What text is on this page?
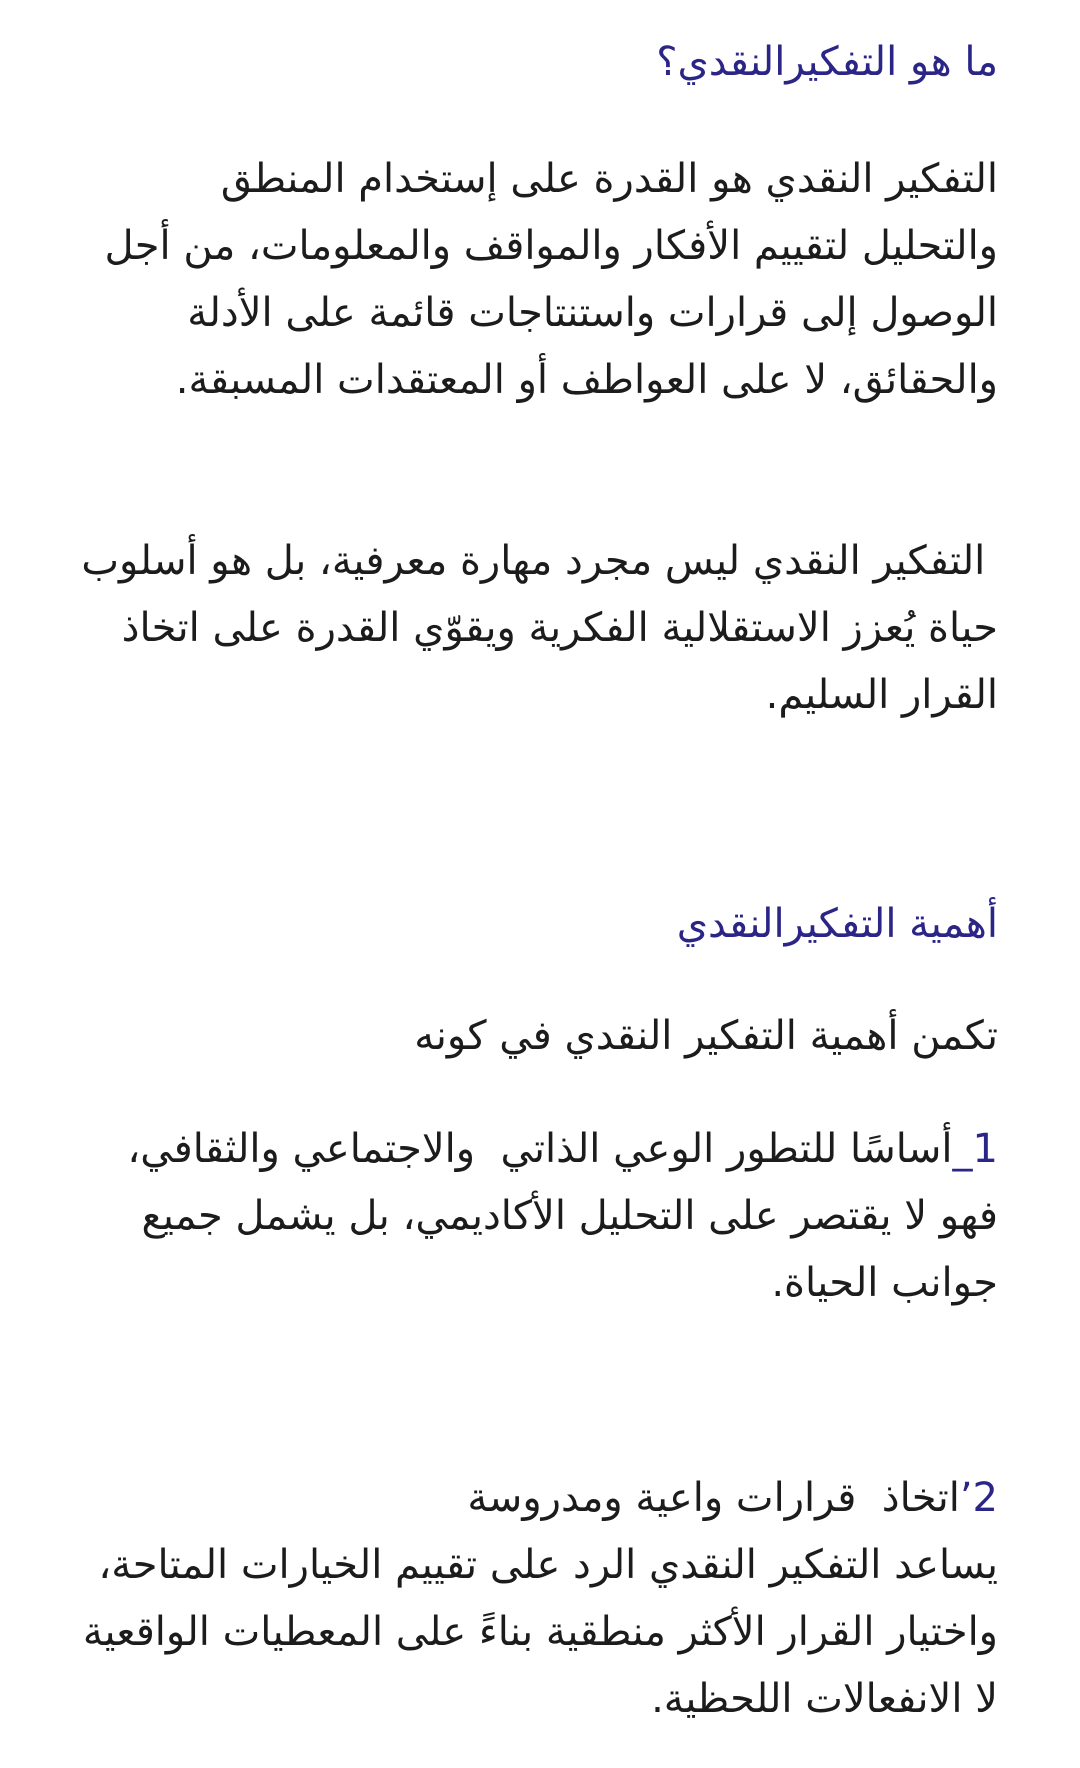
ما هو التفكيرالنقدي؟

التفكير النقدي هو القدرة على إستخدام المنطق والتحليل لتقييم الأفكار والمواقف والمعلومات، من أجل الوصول إلى قرارات واستنتاجات قائمة على الأدلة والحقائق، لا على العواطف أو المعتقدات المسبقة.

التفكير النقدي ليس مجرد مهارة معرفية، بل هو أسلوب حياة يُعزز الاستقلالية الفكرية ويقوّي القدرة على اتخاذ القرار السليم.

أهمية التفكيرالنقدي

تكمن أهمية التفكير النقدي في كونه

1_أساسًا للتطور الوعي الذاتي  والاجتماعي والثقافي، فهو لا يقتصر على التحليل الأكاديمي، بل يشمل جميع جوانب الحياة.

2’اتخاذ  قرارات واعية ومدروسة
يساعد التفكير النقدي الرد على تقييم الخيارات المتاحة، واختيار القرار الأكثر منطقية بناءً على المعطيات الواقعية لا الانفعالات اللحظية.
